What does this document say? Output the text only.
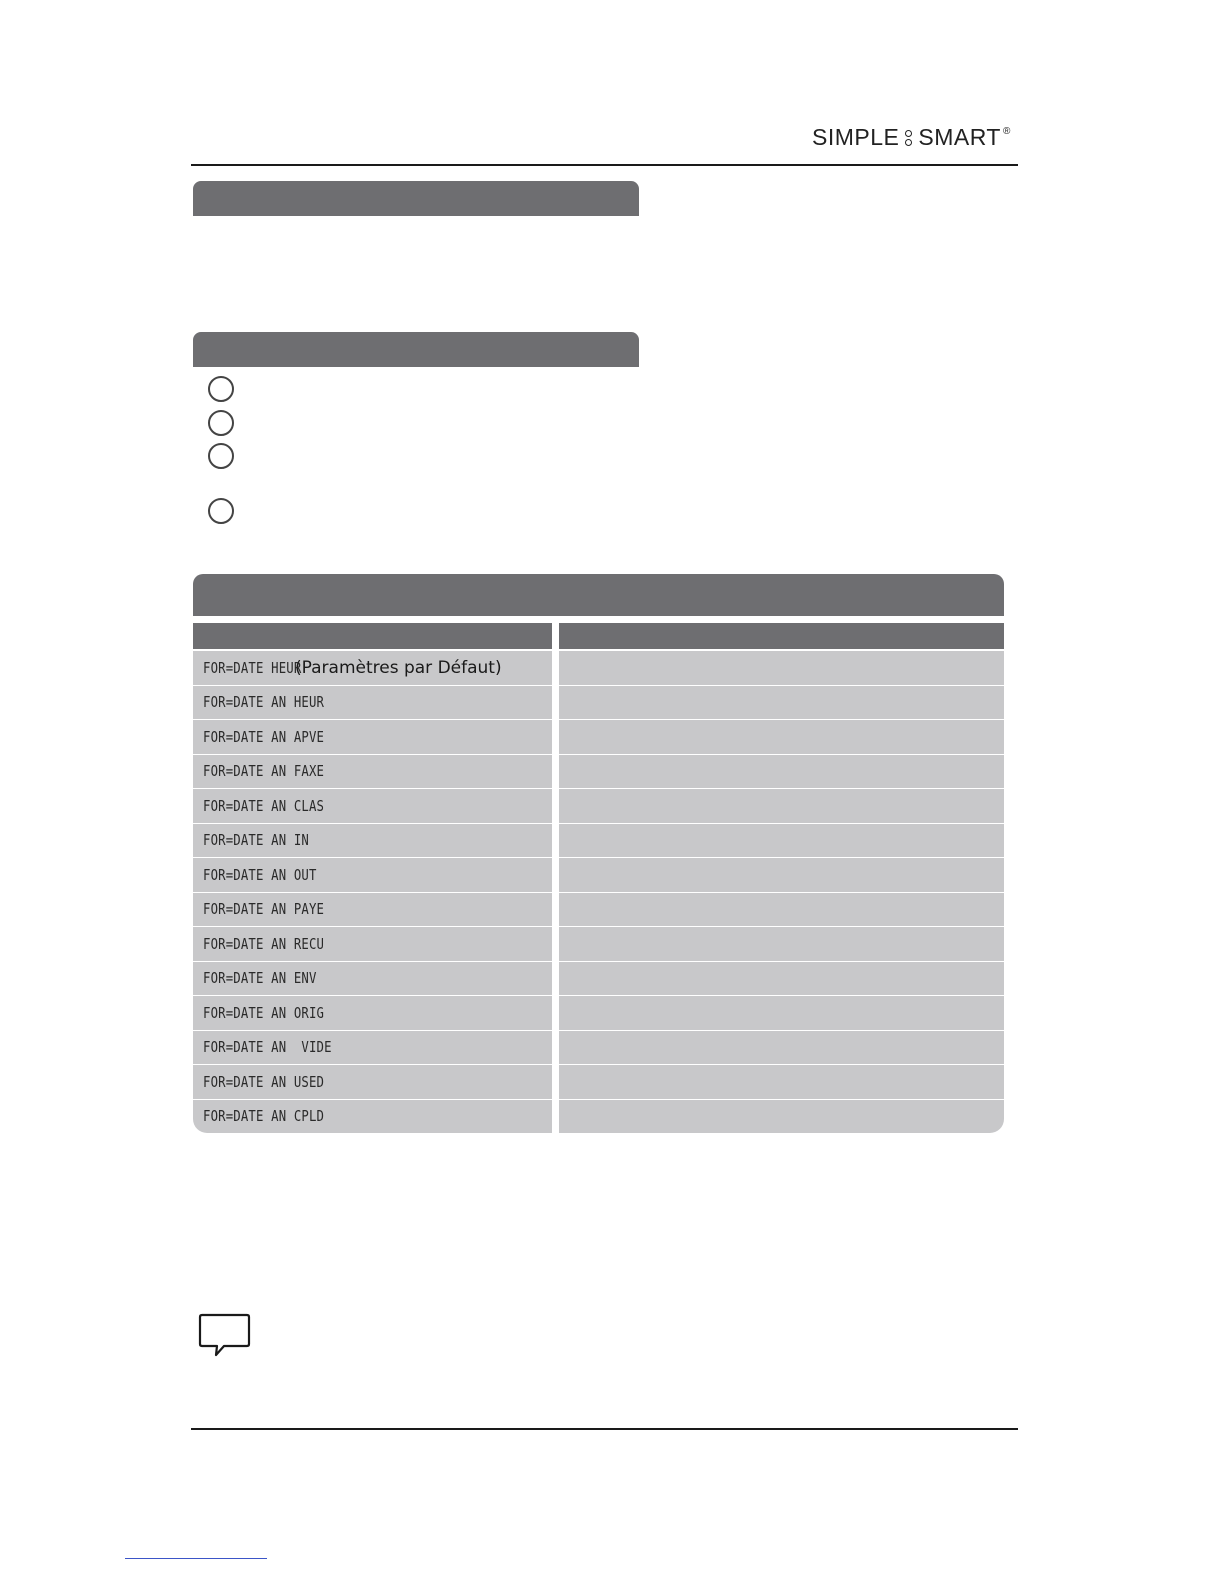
SIMPLE SMART ®
FOR=DATE HEUR
(Paramètres par Défaut)
FOR=DATE AN HEUR
FOR=DATE AN APVE
FOR=DATE AN FAXE
FOR=DATE AN CLAS
FOR=DATE AN IN
FOR=DATE AN OUT
FOR=DATE AN PAYE
FOR=DATE AN RECU
FOR=DATE AN ENV
FOR=DATE AN ORIG
FOR=DATE AN  VIDE
FOR=DATE AN USED
FOR=DATE AN CPLD
